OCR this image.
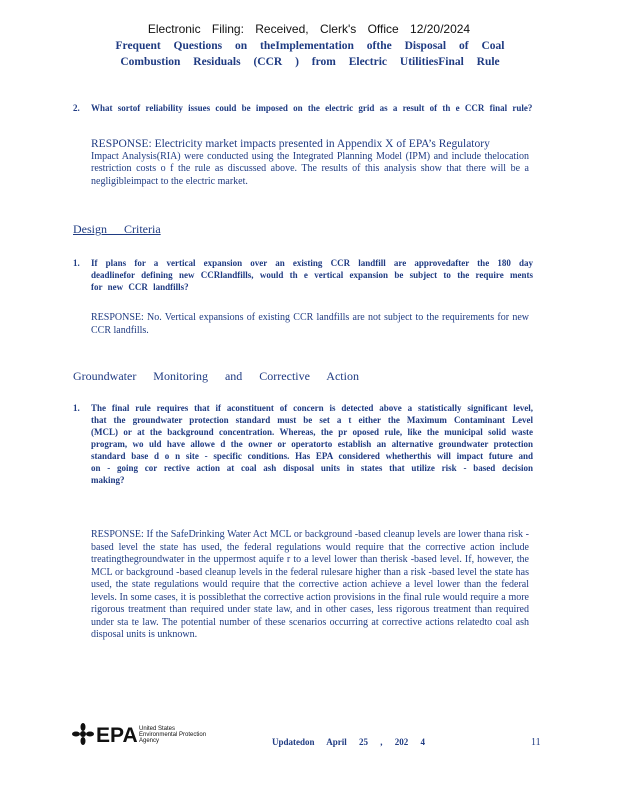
Electronic Filing: Received, Clerk's Office 12/20/2024
Frequent Questions on theImplementation ofthe Disposal of Coal
Combustion Residuals (CCR ) from Electric UtilitiesFinal Rule
2. What sortof reliability issues could be imposed on the electric grid as a result of th e CCR final rule?
RESPONSE: Electricity market impacts presented in Appendix X of EPA’s Regulatory
Impact Analysis(RIA) were conducted using the Integrated Planning Model (IPM) and include thelocation restriction costs o f the rule as discussed above. The results of this analysis show that there will be a negligibleimpact to the electric market.
Design Criteria
1. If plans for a vertical expansion over an existing CCR landfill are approvedafter the 180 day deadlinefor defining new CCRlandfills, would th e vertical expansion be subject to the require ments for new CCR landfills?
RESPONSE: No. Vertical expansions of existing CCR landfills are not subject to the requirements for new CCR landfills.
Groundwater Monitoring and Corrective Action
1. The final rule requires that if aconstituent of concern is detected above a statistically significant level, that the groundwater protection standard must be set a t either the Maximum Contaminant Level (MCL) or at the background concentration. Whereas, the pr oposed rule, like the municipal solid waste program, wo uld have allowe d the owner or operatorto establish an alternative groundwater protection standard base d o n site - specific conditions. Has EPA considered whetherthis will impact future and on - going cor rective action at coal ash disposal units in states that utilize risk - based decision making?
RESPONSE: If the SafeDrinking Water Act MCL or background -based cleanup levels are lower thana risk -based level the state has used, the federal regulations would require that the corrective action include treatingthegroundwater in the uppermost aquife r to a level lower than therisk -based level. If, however, the MCL or background -based cleanup levels in the federal rulesare higher than a risk -based level the state has used, the state regulations would require that the corrective action achieve a level lower than the federal levels. In some cases, it is possiblethat the corrective action provisions in the final rule would require a more rigorous treatment than required under state law, and in other cases, less rigorous treatment than required under sta te law. The potential number of these scenarios occurring at corrective actions relatedto coal ash disposal units is unknown.
EPA United States
Environmental Protection
Agency	Updatedon April 25 , 202 4	11
